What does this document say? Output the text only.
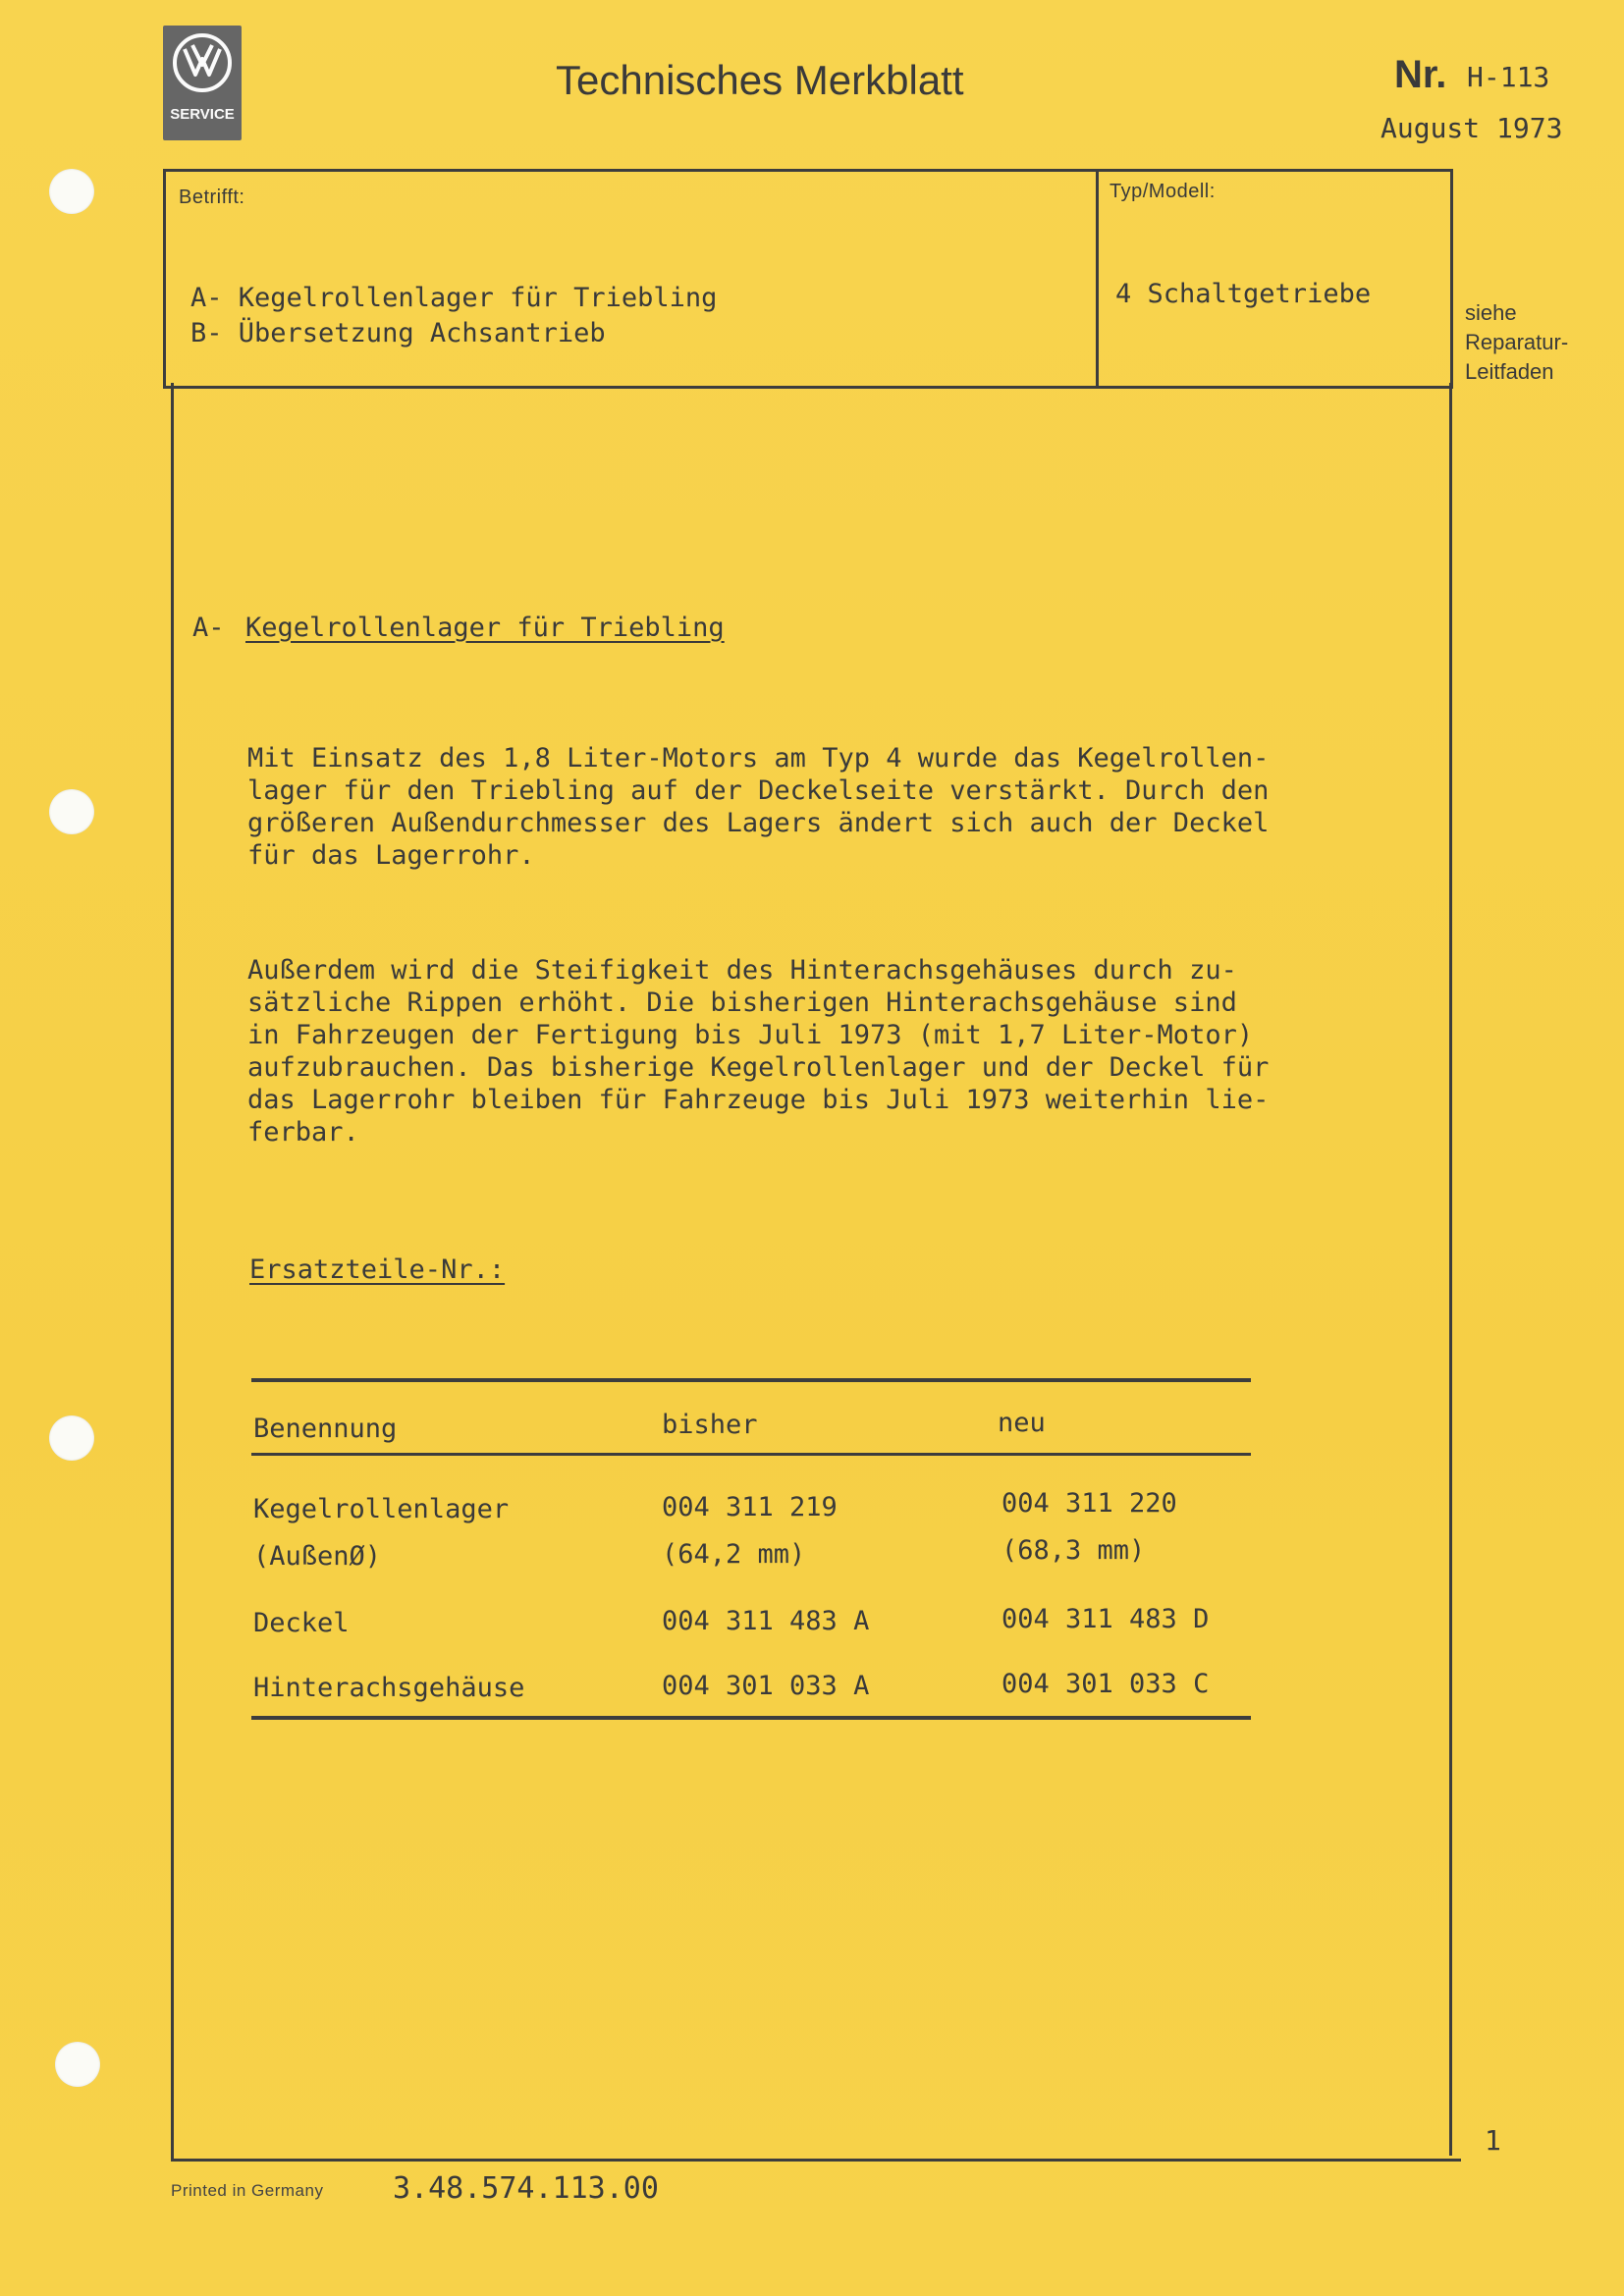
SERVICE
Technisches Merkblatt	Nr. H-113
August 1973
Betrifft:
A- Kegelrollenlager für Triebling
B- Übersetzung Achsantrieb
Typ/Modell:
4 Schaltgetriebe
siehe
Reparatur-
Leitfaden
A- Kegelrollenlager für Triebling
Mit Einsatz des 1,8 Liter-Motors am Typ 4 wurde das Kegelrollen-
lager für den Triebling auf der Deckelseite verstärkt. Durch den
größeren Außendurchmesser des Lagers ändert sich auch der Deckel
für das Lagerrohr.
Außerdem wird die Steifigkeit des Hinterachsgehäuses durch zu-
sätzliche Rippen erhöht. Die bisherigen Hinterachsgehäuse sind
in Fahrzeugen der Fertigung bis Juli 1973 (mit 1,7 Liter-Motor)
aufzubrauchen. Das bisherige Kegelrollenlager und der Deckel für
das Lagerrohr bleiben für Fahrzeuge bis Juli 1973 weiterhin lie-
ferbar.
Ersatzteile-Nr.:
Benennung	bisher	neu
Kegelrollenlager	004 311 219	004 311 220
(AußenØ)	(64,2 mm)	(68,3 mm)
Deckel	004 311 483 A	004 311 483 D
Hinterachsgehäuse	004 301 033 A	004 301 033 C
1
Printed in Germany 3.48.574.113.00
